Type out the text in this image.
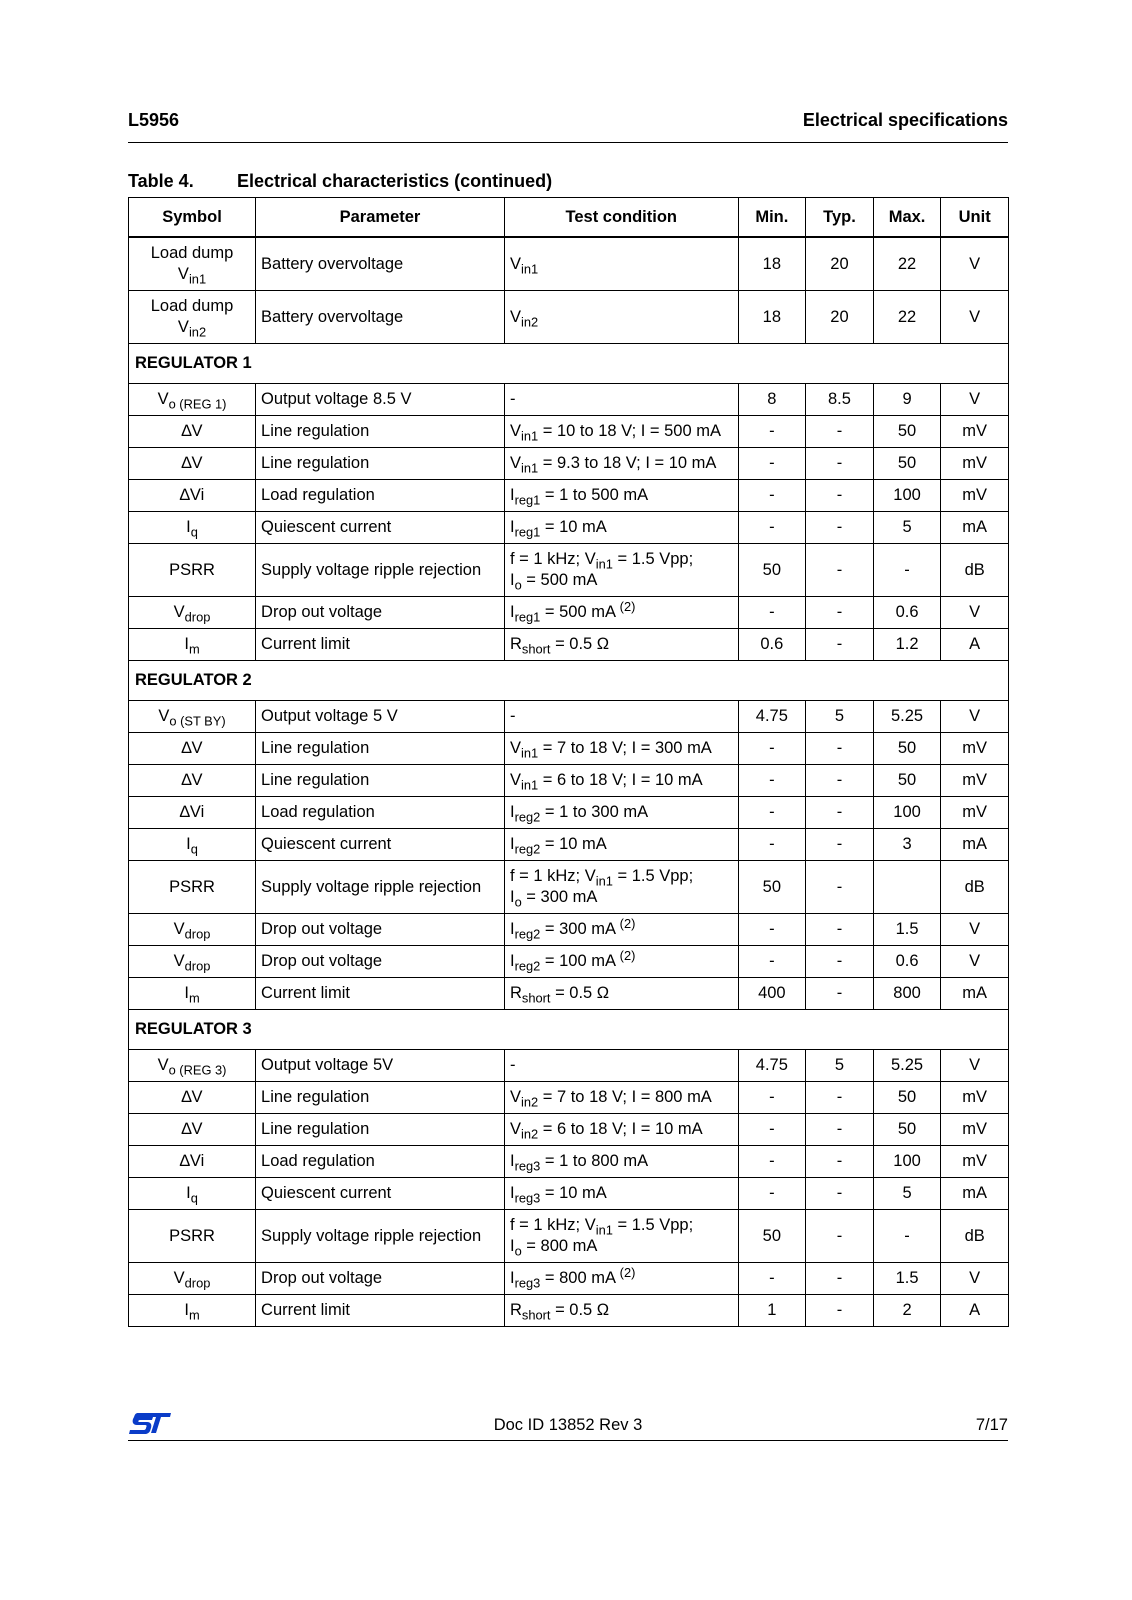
L5956	Electrical specifications
Table 4. Electrical characteristics (continued)
Symbol	Parameter	Test condition	Min.	Typ.	Max.	Unit
Load dump
$V_{in1}$	Battery overvoltage	$V_{in1}$	18	20	22	V
Load dump
$V_{in2}$	Battery overvoltage	$V_{in2}$	18	20	22	V
REGULATOR 1						
$V_{o (REG 1)}$	Output voltage 8.5 V	-	8	8.5	9	V
∆V	Line regulation	$V_{in1} = 10$ to 18 V; I = 500 mA	-	-	50	mV
∆V	Line regulation	$V_{in1} = 9.3$ to 18 V; I = 10 mA	-	-	50	mV
∆Vi	Load regulation	$I_{reg1} = 1$ to 500 mA	-	-	100	mV
$I_q$	Quiescent current	$I_{reg1} = 10$ mA	-	-	5	mA
PSRR	Supply voltage ripple rejection	f = 1 kHz; $V_{in1} = 1.5$ Vpp;
$I_o = 500$ mA	50	-	-	dB
$V_{drop}$	Drop out voltage	$I_{reg1} = 500$ mA $^{(2)}$	-	-	0.6	V
$I_m$	Current limit	$R_{short} = 0.5$ Ω	0.6	-	1.2	A
REGULATOR 2						
$V_{o (ST BY)}$	Output voltage 5 V	-	4.75	5	5.25	V
∆V	Line regulation	$V_{in1} = 7$ to 18 V; I = 300 mA	-	-	50	mV
∆V	Line regulation	$V_{in1} = 6$ to 18 V; I = 10 mA	-	-	50	mV
∆Vi	Load regulation	$I_{reg2} = 1$ to 300 mA	-	-	100	mV
$I_q$	Quiescent current	$I_{reg2} = 10$ mA	-	-	3	mA
PSRR	Supply voltage ripple rejection	f = 1 kHz; $V_{in1} = 1.5$ Vpp;
$I_o = 300$ mA	50	-		dB
$V_{drop}$	Drop out voltage	$I_{reg2} = 300$ mA $^{(2)}$	-	-	1.5	V
$V_{drop}$	Drop out voltage	$I_{reg2} = 100$ mA $^{(2)}$	-	-	0.6	V
$I_m$	Current limit	$R_{short} = 0.5$ Ω	400	-	800	mA
REGULATOR 3						
$V_{o (REG 3)}$	Output voltage 5V	-	4.75	5	5.25	V
∆V	Line regulation	$V_{in2} = 7$ to 18 V; I = 800 mA	-	-	50	mV
∆V	Line regulation	$V_{in2} = 6$ to 18 V; I = 10 mA	-	-	50	mV
∆Vi	Load regulation	$I_{reg3} = 1$ to 800 mA	-	-	100	mV
$I_q$	Quiescent current	$I_{reg3} = 10$ mA	-	-	5	mA
PSRR	Supply voltage ripple rejection	f = 1 kHz; $V_{in1} = 1.5$ Vpp;
$I_o = 800$ mA	50	-	-	dB
$V_{drop}$	Drop out voltage	$I_{reg3} = 800$ mA $^{(2)}$	-	-	1.5	V
$I_m$	Current limit	$R_{short} = 0.5$ Ω	1	-	2	A
Doc ID 13852 Rev 3	7/17
